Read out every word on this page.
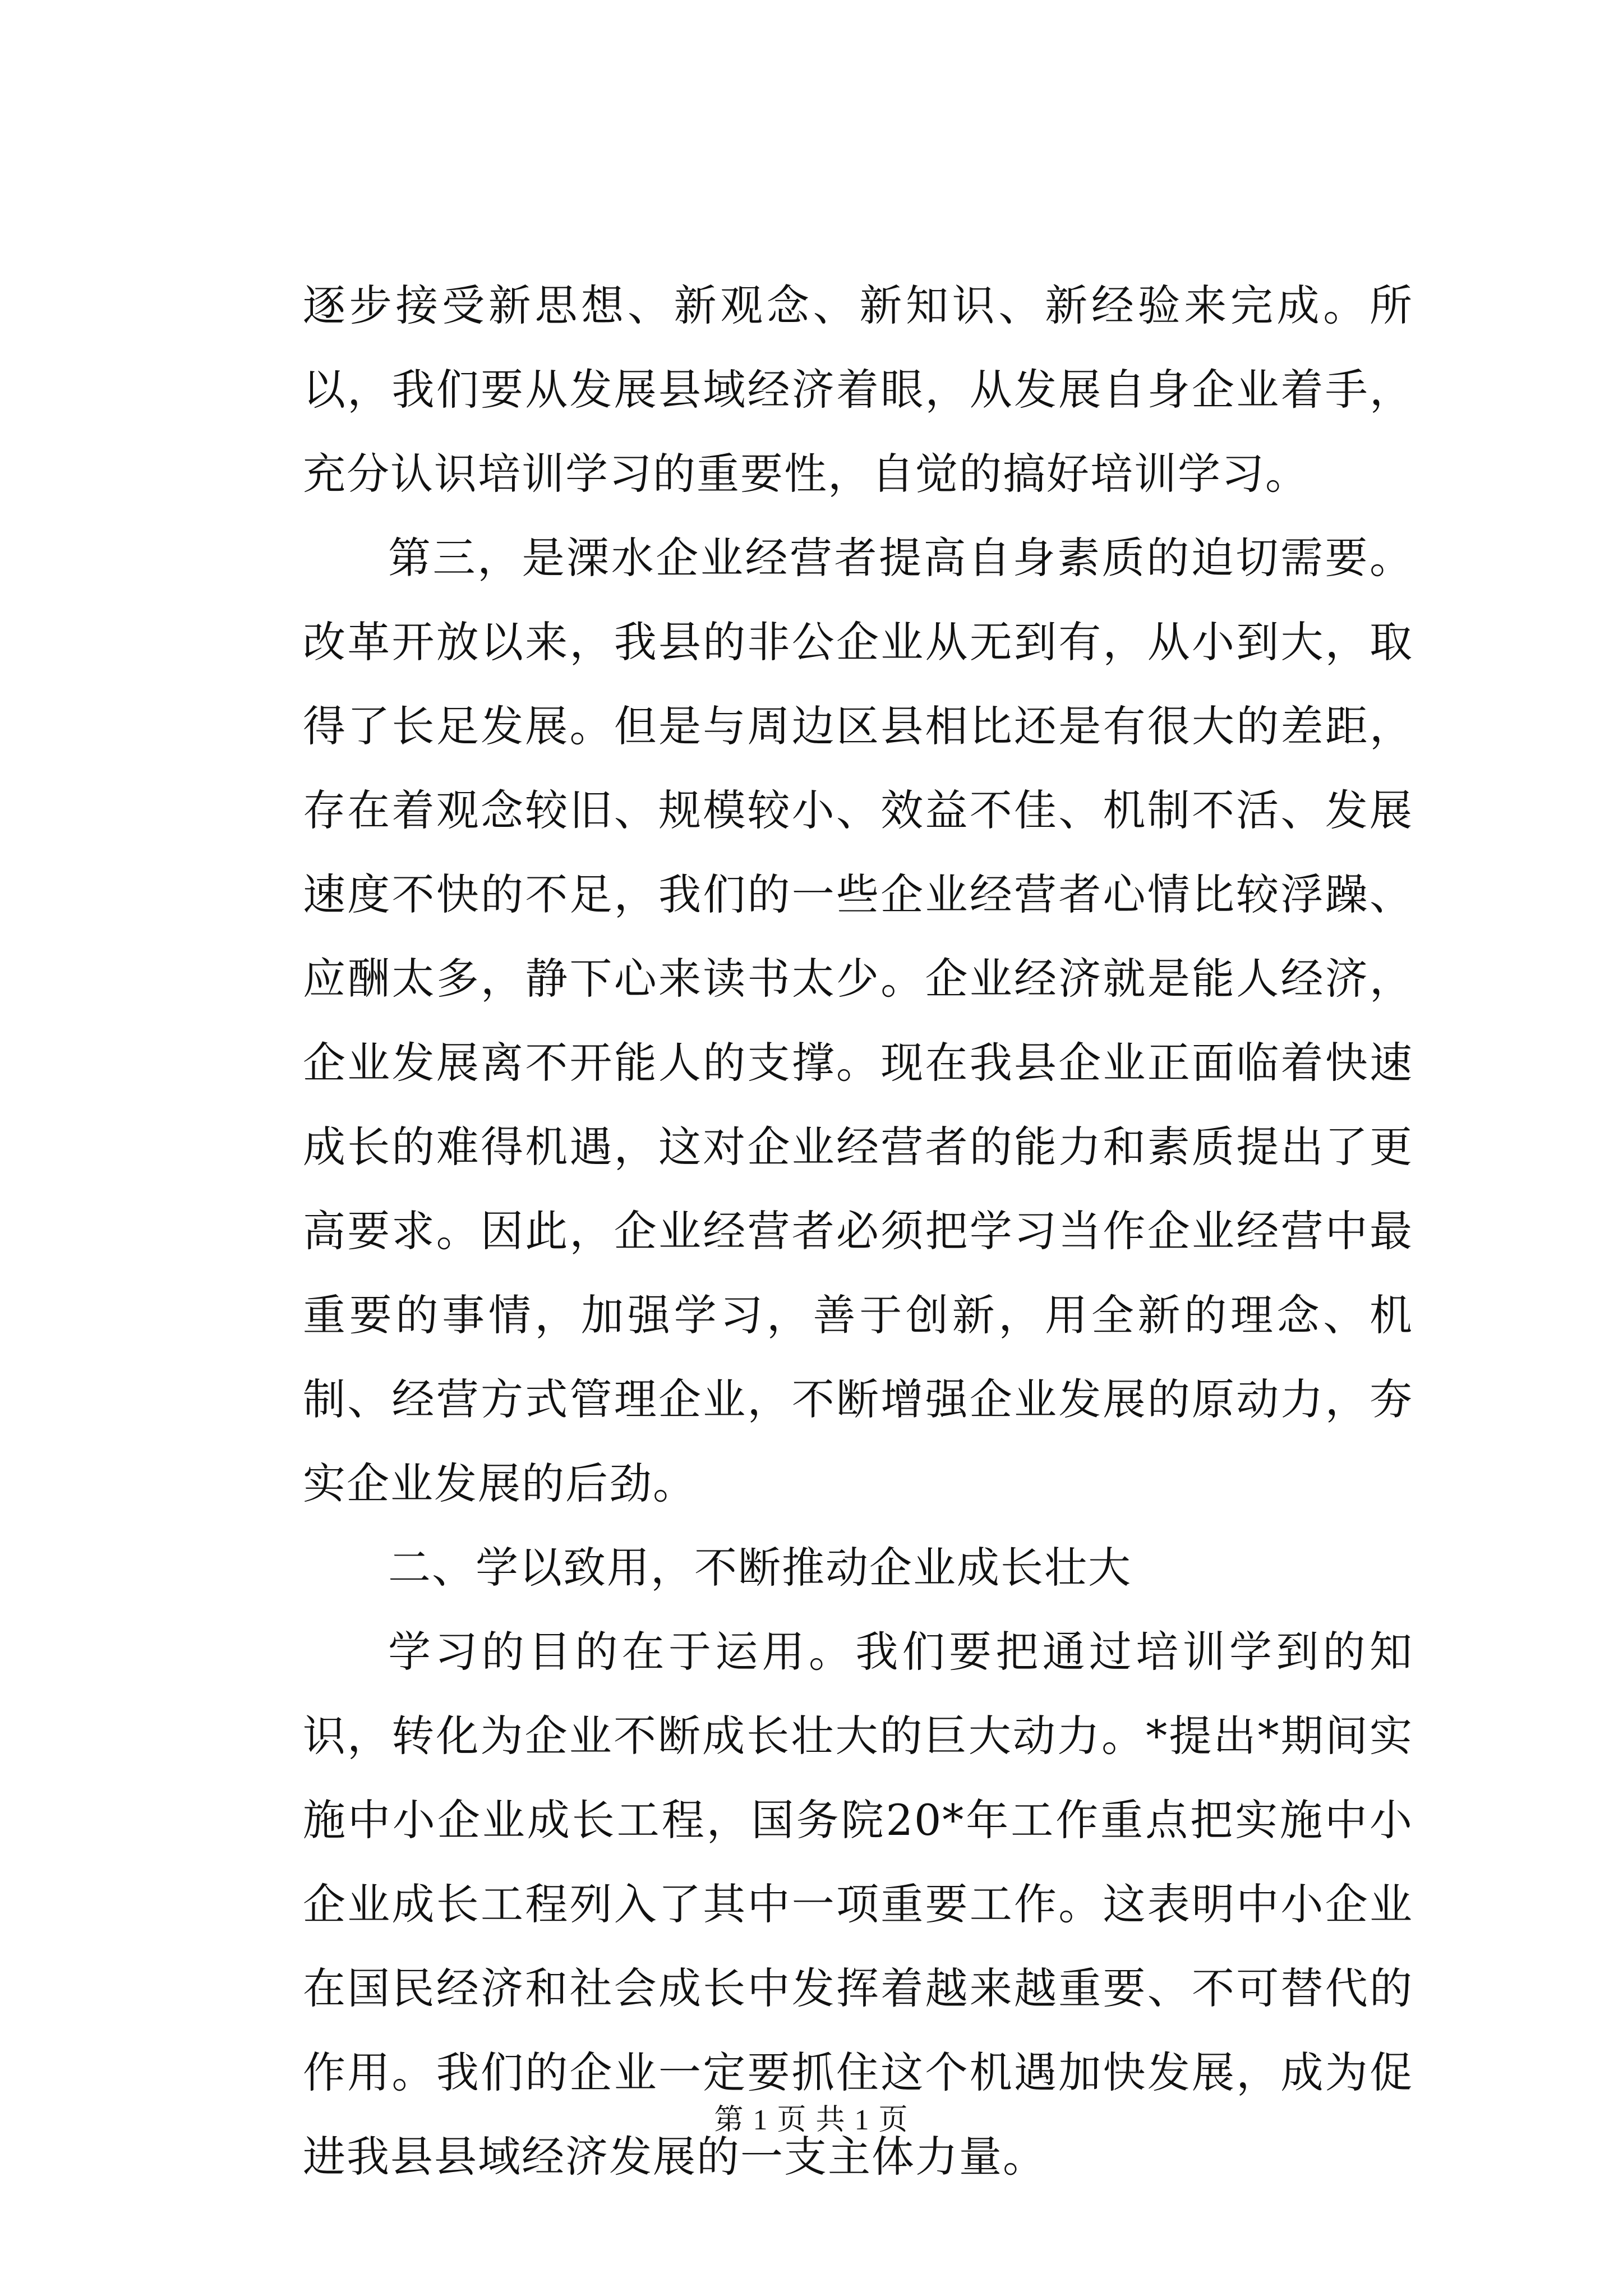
逐步接受新思想、新观念、新知识、新经验来完成。所以，我们要从发展县域经济着眼，从发展自身企业着手，充分认识培训学习的重要性，自觉的搞好培训学习。

第三，是溧水企业经营者提高自身素质的迫切需要。改革开放以来，我县的非公企业从无到有，从小到大，取得了长足发展。但是与周边区县相比还是有很大的差距，存在着观念较旧、规模较小、效益不佳、机制不活、发展速度不快的不足，我们的一些企业经营者心情比较浮躁、应酬太多，静下心来读书太少。企业经济就是能人经济，企业发展离不开能人的支撑。现在我县企业正面临着快速成长的难得机遇，这对企业经营者的能力和素质提出了更高要求。因此，企业经营者必须把学习当作企业经营中最重要的事情，加强学习，善于创新，用全新的理念、机制、经营方式管理企业，不断增强企业发展的原动力，夯实企业发展的后劲。

二、学以致用，不断推动企业成长壮大

学习的目的在于运用。我们要把通过培训学到的知识，转化为企业不断成长壮大的巨大动力。*提出*期间实施中小企业成长工程，国务院20*年工作重点把实施中小企业成长工程列入了其中一项重要工作。这表明中小企业在国民经济和社会成长中发挥着越来越重要、不可替代的作用。我们的企业一定要抓住这个机遇加快发展，成为促进我县县域经济发展的一支主体力量。

第 1 页 共 1 页
